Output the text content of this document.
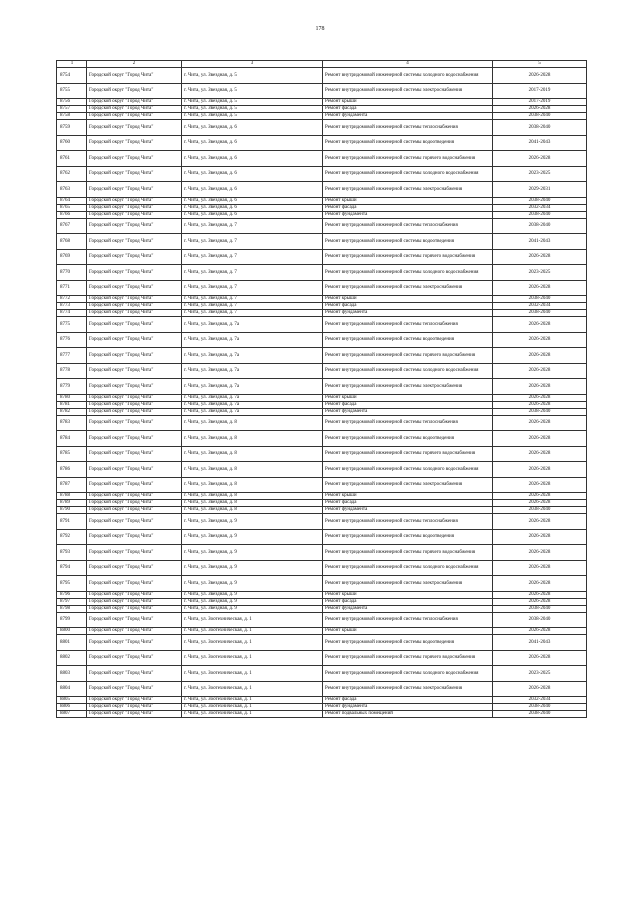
178
1	2	3	4	5
8754	Городской округ "Город Чита"	г. Чита, ул. Звездная, д. 5	Ремонт внутридомовой инженерной системы холодного водоснабжения	2026-2028
8755	Городской округ "Город Чита"	г. Чита, ул. Звездная, д. 5	Ремонт внутридомовой инженерной системы электроснабжения	2017-2019
8756	Городской округ "Город Чита"	г. Чита, ул. Звездная, д. 5	Ремонт крыши	2017-2019
8757	Городской округ "Город Чита"	г. Чита, ул. Звездная, д. 5	Ремонт фасада	2026-2028
8758	Городской округ "Город Чита"	г. Чита, ул. Звездная, д. 5	Ремонт фундамента	2038-2040
8759	Городской округ "Город Чита"	г. Чита, ул. Звездная, д. 6	Ремонт внутридомовой инженерной системы теплоснабжения	2038-2040
8760	Городской округ "Город Чита"	г. Чита, ул. Звездная, д. 6	Ремонт внутридомовой инженерной системы водоотведения	2041-2043
8761	Городской округ "Город Чита"	г. Чита, ул. Звездная, д. 6	Ремонт внутридомовой инженерной системы горячего водоснабжения	2026-2028
8762	Городской округ "Город Чита"	г. Чита, ул. Звездная, д. 6	Ремонт внутридомовой инженерной системы холодного водоснабжения	2023-2025
8763	Городской округ "Город Чита"	г. Чита, ул. Звездная, д. 6	Ремонт внутридомовой инженерной системы электроснабжения	2029-2031
8764	Городской округ "Город Чита"	г. Чита, ул. Звездная, д. 6	Ремонт крыши	2038-2040
8765	Городской округ "Город Чита"	г. Чита, ул. Звездная, д. 6	Ремонт фасада	2032-2034
8766	Городской округ "Город Чита"	г. Чита, ул. Звездная, д. 6	Ремонт фундамента	2038-2040
8767	Городской округ "Город Чита"	г. Чита, ул. Звездная, д. 7	Ремонт внутридомовой инженерной системы теплоснабжения	2038-2040
8768	Городской округ "Город Чита"	г. Чита, ул. Звездная, д. 7	Ремонт внутридомовой инженерной системы водоотведения	2041-2043
8769	Городской округ "Город Чита"	г. Чита, ул. Звездная, д. 7	Ремонт внутридомовой инженерной системы горячего водоснабжения	2026-2028
8770	Городской округ "Город Чита"	г. Чита, ул. Звездная, д. 7	Ремонт внутридомовой инженерной системы холодного водоснабжения	2023-2025
8771	Городской округ "Город Чита"	г. Чита, ул. Звездная, д. 7	Ремонт внутридомовой инженерной системы электроснабжения	2026-2028
8772	Городской округ "Город Чита"	г. Чита, ул. Звездная, д. 7	Ремонт крыши	2038-2040
8773	Городской округ "Город Чита"	г. Чита, ул. Звездная, д. 7	Ремонт фасада	2032-2034
8774	Городской округ "Город Чита"	г. Чита, ул. Звездная, д. 7	Ремонт фундамента	2038-2040
8775	Городской округ "Город Чита"	г. Чита, ул. Звездная, д. 7а	Ремонт внутридомовой инженерной системы теплоснабжения	2026-2028
8776	Городской округ "Город Чита"	г. Чита, ул. Звездная, д. 7а	Ремонт внутридомовой инженерной системы водоотведения	2026-2028
8777	Городской округ "Город Чита"	г. Чита, ул. Звездная, д. 7а	Ремонт внутридомовой инженерной системы горячего водоснабжения	2026-2028
8778	Городской округ "Город Чита"	г. Чита, ул. Звездная, д. 7а	Ремонт внутридомовой инженерной системы холодного водоснабжения	2026-2028
8779	Городской округ "Город Чита"	г. Чита, ул. Звездная, д. 7а	Ремонт внутридомовой инженерной системы электроснабжения	2026-2028
8780	Городской округ "Город Чита"	г. Чита, ул. Звездная, д. 7а	Ремонт крыши	2026-2028
8781	Городской округ "Город Чита"	г. Чита, ул. Звездная, д. 7а	Ремонт фасада	2026-2028
8782	Городской округ "Город Чита"	г. Чита, ул. Звездная, д. 7а	Ремонт фундамента	2038-2040
8783	Городской округ "Город Чита"	г. Чита, ул. Звездная, д. 8	Ремонт внутридомовой инженерной системы теплоснабжения	2026-2028
8784	Городской округ "Город Чита"	г. Чита, ул. Звездная, д. 8	Ремонт внутридомовой инженерной системы водоотведения	2026-2028
8785	Городской округ "Город Чита"	г. Чита, ул. Звездная, д. 8	Ремонт внутридомовой инженерной системы горячего водоснабжения	2026-2028
8786	Городской округ "Город Чита"	г. Чита, ул. Звездная, д. 8	Ремонт внутридомовой инженерной системы холодного водоснабжения	2026-2028
8787	Городской округ "Город Чита"	г. Чита, ул. Звездная, д. 8	Ремонт внутридомовой инженерной системы электроснабжения	2026-2028
8788	Городской округ "Город Чита"	г. Чита, ул. Звездная, д. 8	Ремонт крыши	2026-2028
8789	Городской округ "Город Чита"	г. Чита, ул. Звездная, д. 8	Ремонт фасада	2026-2028
8790	Городской округ "Город Чита"	г. Чита, ул. Звездная, д. 8	Ремонт фундамента	2038-2040
8791	Городской округ "Город Чита"	г. Чита, ул. Звездная, д. 9	Ремонт внутридомовой инженерной системы теплоснабжения	2026-2028
8792	Городской округ "Город Чита"	г. Чита, ул. Звездная, д. 9	Ремонт внутридомовой инженерной системы водоотведения	2026-2028
8793	Городской округ "Город Чита"	г. Чита, ул. Звездная, д. 9	Ремонт внутридомовой инженерной системы горячего водоснабжения	2026-2028
8794	Городской округ "Город Чита"	г. Чита, ул. Звездная, д. 9	Ремонт внутридомовой инженерной системы холодного водоснабжения	2026-2028
8795	Городской округ "Город Чита"	г. Чита, ул. Звездная, д. 9	Ремонт внутридомовой инженерной системы электроснабжения	2026-2028
8796	Городской округ "Город Чита"	г. Чита, ул. Звездная, д. 9	Ремонт крыши	2026-2028
8797	Городской округ "Город Чита"	г. Чита, ул. Звездная, д. 9	Ремонт фасада	2026-2028
8798	Городской округ "Город Чита"	г. Чита, ул. Звездная, д. 9	Ремонт фундамента	2038-2040
8799	Городской округ "Город Чита"	г. Чита, ул. Зоотехническая, д. 1	Ремонт внутридомовой инженерной системы теплоснабжения	2038-2040
8800	Городской округ "Город Чита"	г. Чита, ул. Зоотехническая, д. 1	Ремонт крыши	2026-2028
8801	Городской округ "Город Чита"	г. Чита, ул. Зоотехническая, д. 1	Ремонт внутридомовой инженерной системы водоотведения	2041-2043
8802	Городской округ "Город Чита"	г. Чита, ул. Зоотехническая, д. 1	Ремонт внутридомовой инженерной системы горячего водоснабжения	2026-2028
8803	Городской округ "Город Чита"	г. Чита, ул. Зоотехническая, д. 1	Ремонт внутридомовой инженерной системы холодного водоснабжения	2023-2025
8804	Городской округ "Город Чита"	г. Чита, ул. Зоотехническая, д. 1	Ремонт внутридомовой инженерной системы электроснабжения	2026-2028
8805	Городской округ "Город Чита"	г. Чита, ул. Зоотехническая, д. 1	Ремонт фасада	2032-2034
8806	Городской округ "Город Чита"	г. Чита, ул. Зоотехническая, д. 1	Ремонт фундамента	2038-2040
8807	Городской округ "Город Чита"	г. Чита, ул. Зоотехническая, д. 1	Ремонт подвальных помещений	2038-2040
